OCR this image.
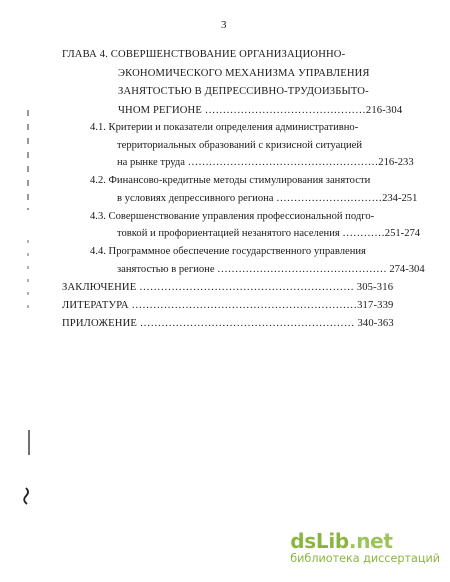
3
ГЛАВА 4. СОВЕРШЕНСТВОВАНИЕ ОРГАНИЗАЦИОННО-
ЭКОНОМИЧЕСКОГО МЕХАНИЗМА УПРАВЛЕНИЯ
ЗАНЯТОСТЬЮ В ДЕПРЕССИВНО-ТРУДОИЗБЫТО-
ЧНОМ РЕГИОНЕ ………………………………………216-304
4.1. Критерии и показатели определения административно-
территориальных образований с кризисной ситуацией
на рынке труда ………………………………………………216-233
4.2. Финансово-кредитные методы стимулирования занятости
в условиях депрессивного региона …………………………234-251
4.3. Совершенствование управления профессиональной подго-
товкой и профориентацией незанятого населения …………251-274
4.4. Программное обеспечение государственного управления
занятостью в регионе ………………………………………… 274-304
ЗАКЛЮЧЕНИЕ …………………………………………………… 305-316
ЛИТЕРАТУРА ………………………………………………………317-339
ПРИЛОЖЕНИЕ …………………………………………………… 340-363
dsLib.net
библиотека диссертаций
